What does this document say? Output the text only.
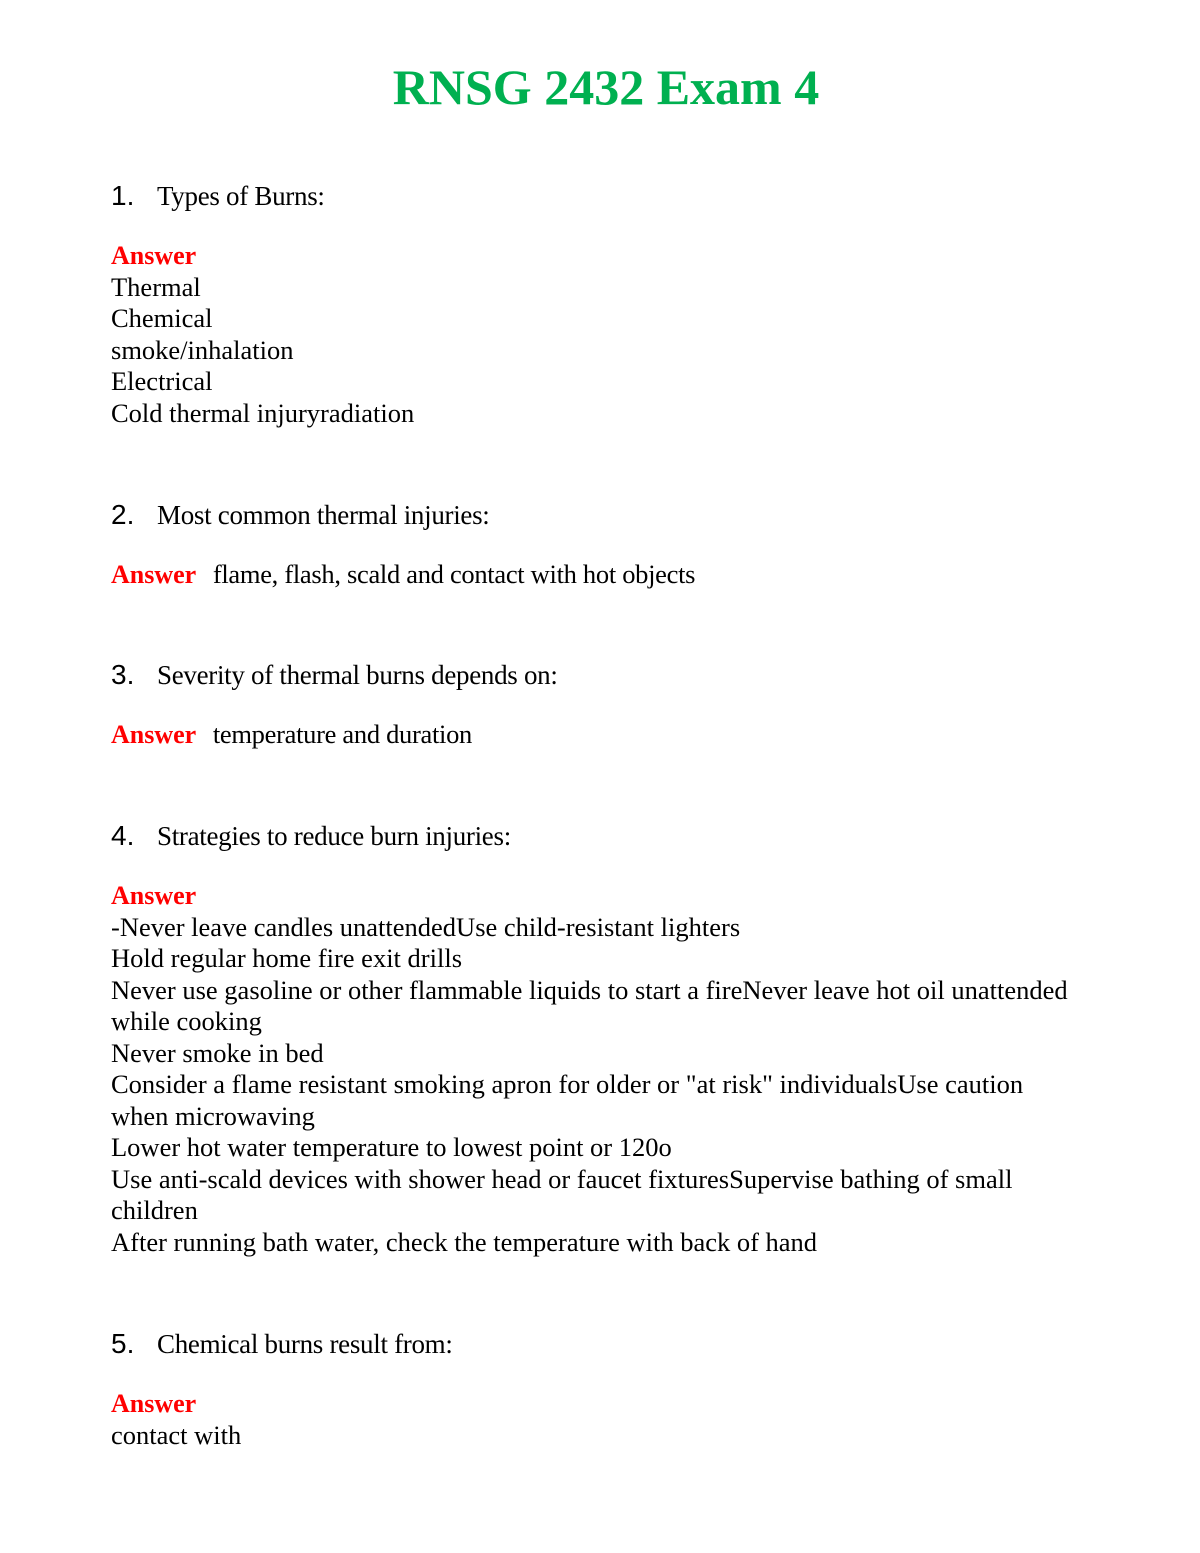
RNSG 2432 Exam 4
1. Types of Burns:
Answer
Thermal
Chemical
smoke/inhalation
Electrical
Cold thermal injuryradiation
2. Most common thermal injuries:
Answer flame, flash, scald and contact with hot objects
3. Severity of thermal burns depends on:
Answer temperature and duration
4. Strategies to reduce burn injuries:
Answer
-Never leave candles unattendedUse child-resistant lighters
Hold regular home fire exit drills
Never use gasoline or other flammable liquids to start a fireNever leave hot oil unattended
while cooking
Never smoke in bed
Consider a flame resistant smoking apron for older or "at risk" individualsUse caution
when microwaving
Lower hot water temperature to lowest point or 120o
Use anti-scald devices with shower head or faucet fixturesSupervise bathing of small
children
After running bath water, check the temperature with back of hand
5. Chemical burns result from:
Answer
contact with
